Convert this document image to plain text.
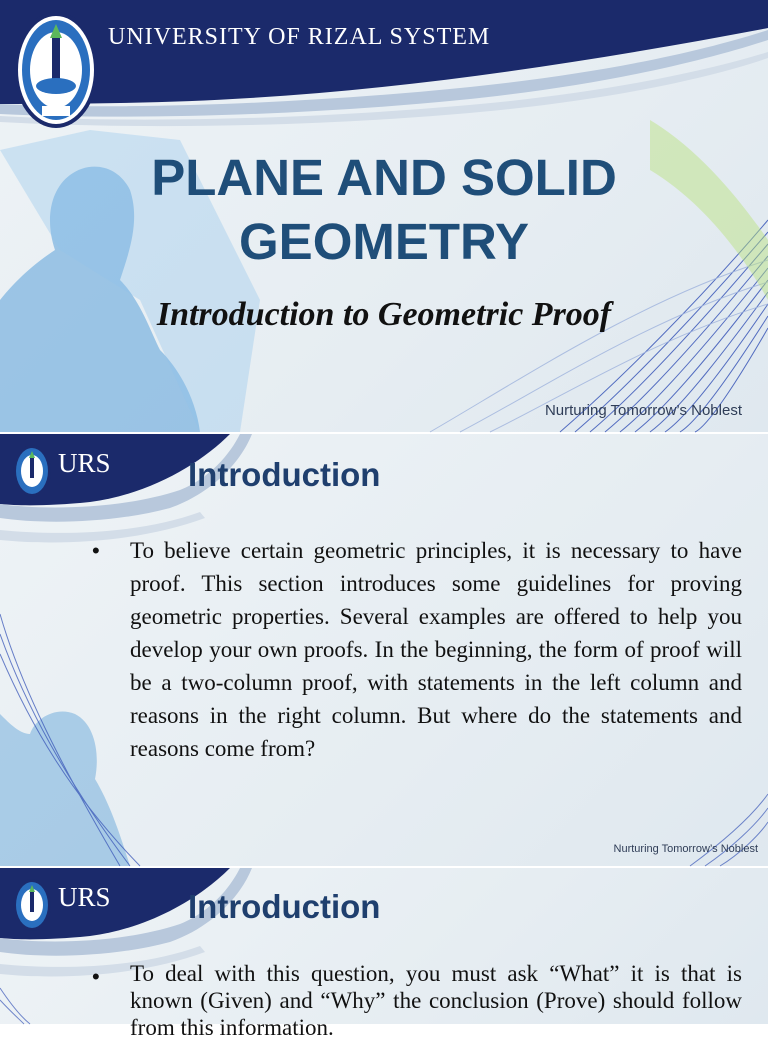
UNIVERSITY OF RIZAL SYSTEM
PLANE AND SOLID
GEOMETRY
Introduction to Geometric Proof
Nurturing Tomorrow’s Noblest
URS Introduction
• To believe certain geometric principles, it is necessary to have proof. This section introduces some guidelines for proving geometric properties. Several examples are offered to help you develop your own proofs. In the beginning, the form of proof will be a two-column proof, with statements in the left column and reasons in the right column. But where do the statements and reasons come from?
Nurturing Tomorrow’s Noblest
URS Introduction
• To deal with this question, you must ask “What” it is that is known (Given) and “Why” the conclusion (Prove) should follow from this information.
